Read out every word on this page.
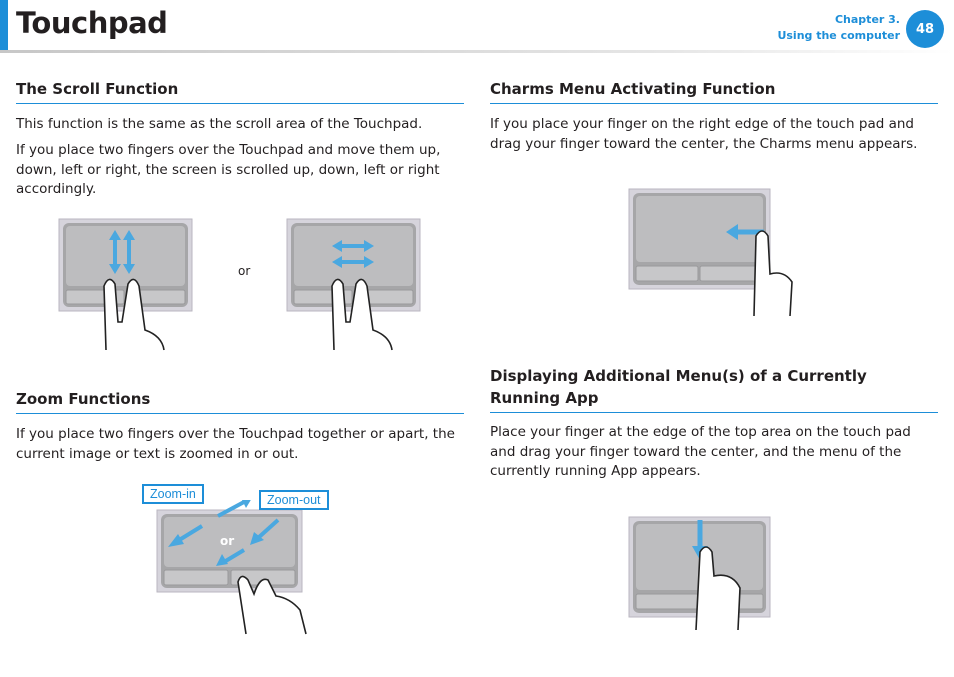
Touchpad	Chapter 3.
Using the computer	48
The Scroll Function
This function is the same as the scroll area of the Touchpad.
If you place two fingers over the Touchpad and move them up, down, left or right, the screen is scrolled up, down, left or right accordingly.
or
Zoom Functions
If you place two fingers over the Touchpad together or apart, the current image or text is zoomed in or out.
or
Zoom-in	Zoom-out
Charms Menu Activating Function
If you place your finger on the right edge of the touch pad and drag your finger toward the center, the Charms menu appears.
Displaying Additional Menu(s) of a Currently Running App
Place your finger at the edge of the top area on the touch pad and drag your finger toward the center, and the menu of the currently running App appears.
